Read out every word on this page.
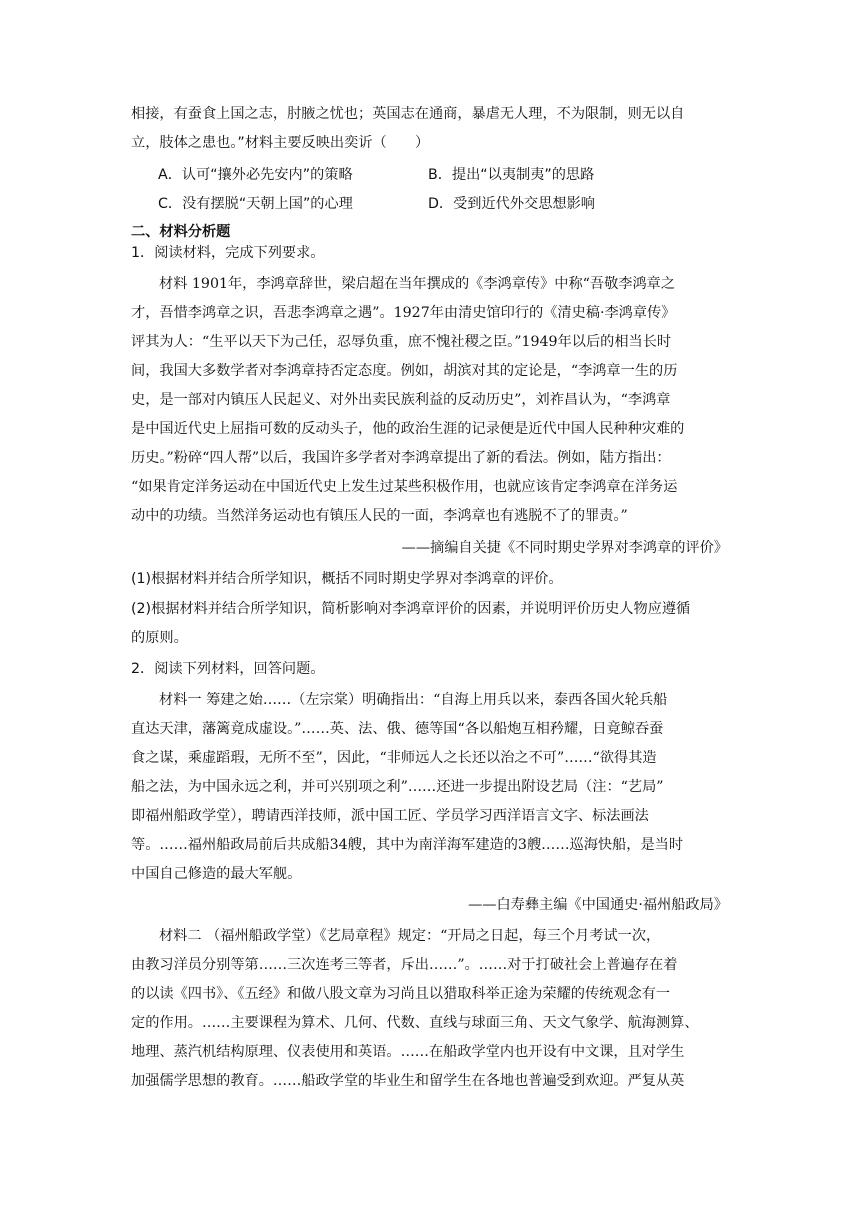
相接，有蚕食上国之志，肘腋之忧也；英国志在通商，暴虐无人理，不为限制，则无以自
立，肢体之患也。”材料主要反映出奕䜣（　　）
A．认可“攘外必先安内”的策略	B．提出“以夷制夷”的思路
C．没有摆脱“天朝上国”的心理	D．受到近代外交思想影响
二、材料分析题
1．阅读材料，完成下列要求。
材料 1901年，李鸿章辞世，梁启超在当年撰成的《李鸿章传》中称“吾敬李鸿章之
才，吾惜李鸿章之识，吾悲李鸿章之遇”。1927年由清史馆印行的《清史稿·李鸿章传》
评其为人：“生平以天下为己任，忍辱负重，庶不愧社稷之臣。”1949年以后的相当长时
间，我国大多数学者对李鸿章持否定态度。例如，胡滨对其的定论是，“李鸿章一生的历
史，是一部对内镇压人民起义、对外出卖民族利益的反动历史”，刘祚昌认为，“李鸿章
是中国近代史上屈指可数的反动头子，他的政治生涯的记录便是近代中国人民种种灾难的
历史。”粉碎“四人帮”以后，我国许多学者对李鸿章提出了新的看法。例如，陆方指出：
“如果肯定洋务运动在中国近代史上发生过某些积极作用，也就应该肯定李鸿章在洋务运
动中的功绩。当然洋务运动也有镇压人民的一面，李鸿章也有逃脱不了的罪责。”
——摘编自关捷《不同时期史学界对李鸿章的评价》
(1)根据材料并结合所学知识，概括不同时期史学界对李鸿章的评价。
(2)根据材料并结合所学知识，简析影响对李鸿章评价的因素，并说明评价历史人物应遵循
的原则。
2．阅读下列材料，回答问题。
材料一 筹建之始……（左宗棠）明确指出：“自海上用兵以来，泰西各国火轮兵船
直达天津，藩篱竟成虚设。”……英、法、俄、德等国“各以船炮互相矜耀，日竟鲸吞蚕
食之谋，乘虚蹈瑕，无所不至”，因此，“非师远人之长还以治之不可”……“欲得其造
船之法，为中国永远之利，并可兴别项之利”……还进一步提出附设艺局（注：“艺局”
即福州船政学堂），聘请西洋技师，派中国工匠、学员学习西洋语言文字、标法画法
等。……福州船政局前后共成船34艘，其中为南洋海军建造的3艘……巡海快船，是当时
中国自己修造的最大军舰。
——白寿彝主编《中国通史·福州船政局》
材料二 （福州船政学堂）《艺局章程》规定：“开局之日起，每三个月考试一次，
由教习洋员分别等第……三次连考三等者，斥出……”。……对于打破社会上普遍存在着
的以读《四书》、《五经》和做八股文章为习尚且以猎取科举正途为荣耀的传统观念有一
定的作用。……主要课程为算术、几何、代数、直线与球面三角、天文气象学、航海测算、
地理、蒸汽机结构原理、仪表使用和英语。……在船政学堂内也开设有中文课，且对学生
加强儒学思想的教育。……船政学堂的毕业生和留学生在各地也普遍受到欢迎。严复从英
